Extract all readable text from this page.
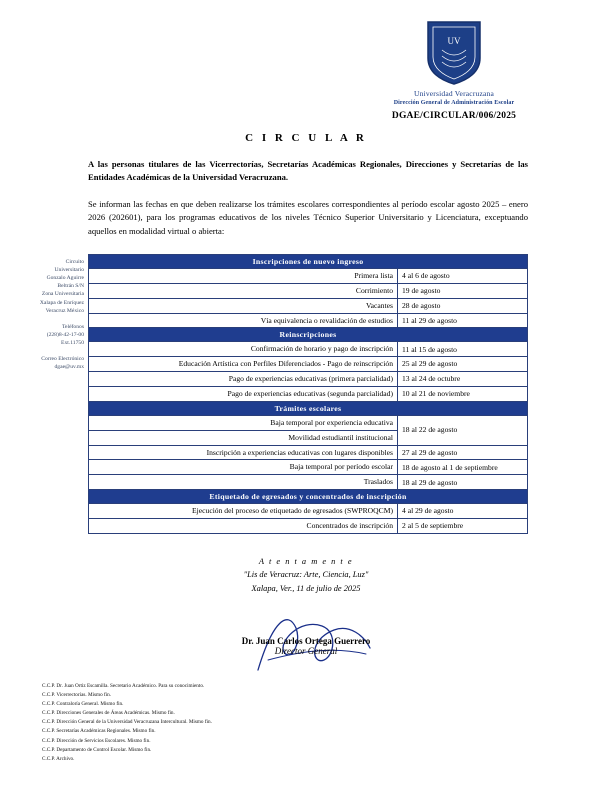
UV
Universidad Veracruzana
Dirección General de Administración Escolar
DGAE/CIRCULAR/006/2025
C I R C U L A R
A las personas titulares de las Vicerrectorías, Secretarías Académicas Regionales, Direcciones y Secretarías de las Entidades Académicas de la Universidad Veracruzana.
Se informan las fechas en que deben realizarse los trámites escolares correspondientes al período escolar agosto 2025 – enero 2026 (202601), para los programas educativos de los niveles Técnico Superior Universitario y Licenciatura, exceptuando aquellos en modalidad virtual o abierta:
Circuito
Universitario
Gonzalo Aguirre
Beltrán S/N
Zona Universitaria
Xalapa de Enríquez
Veracruz México
Teléfonos
(228)8-42-17-00
Ext.11750
Correo Electrónico
dgae@uv.mx
Inscripciones de nuevo ingreso	
Primera lista	4 al 6 de agosto
Corrimiento	19 de agosto
Vacantes	28 de agosto
Vía equivalencia o revalidación de estudios	11 al 29 de agosto
Reinscripciones	
Confirmación de horario y pago de inscripción	11 al 15 de agosto
Educación Artística con Perfiles Diferenciados - Pago de reinscripción	25 al 29 de agosto
Pago de experiencias educativas (primera parcialidad)	13 al 24 de octubre
Pago de experiencias educativas (segunda parcialidad)	10 al 21 de noviembre
Trámites escolares	
Baja temporal por experiencia educativa	18 al 22 de agosto
Movilidad estudiantil institucional	
Inscripción a experiencias educativas con lugares disponibles	27 al 29 de agosto
Baja temporal por período escolar	18 de agosto al 1 de septiembre
Traslados	18 al 29 de agosto
Etiquetado de egresados y concentrados de inscripción	
Ejecución del proceso de etiquetado de egresados (SWPROQCM)	4 al 29 de agosto
Concentrados de inscripción	2 al 5 de septiembre
A t e n t a m e n t e
"Lis de Veracruz: Arte, Ciencia, Luz"
Xalapa, Ver., 11 de julio de 2025
Dr. Juan Carlos Ortega Guerrero
Director General
C.C.P. Dr. Juan Ortiz Escamilla. Secretario Académico. Para su conocimiento.
C.C.P. Vicerrectorías. Mismo fin.
C.C.P. Contraloría General. Mismo fin.
C.C.P. Direcciones Generales de Áreas Académicas. Mismo fin.
C.C.P. Dirección General de la Universidad Veracruzana Intercultural. Mismo fin.
C.C.P. Secretarías Académicas Regionales. Mismo fin.
C.C.P. Dirección de Servicios Escolares. Mismo fin.
C.C.P. Departamento de Control Escolar. Mismo fin.
C.C.P. Archivo.
